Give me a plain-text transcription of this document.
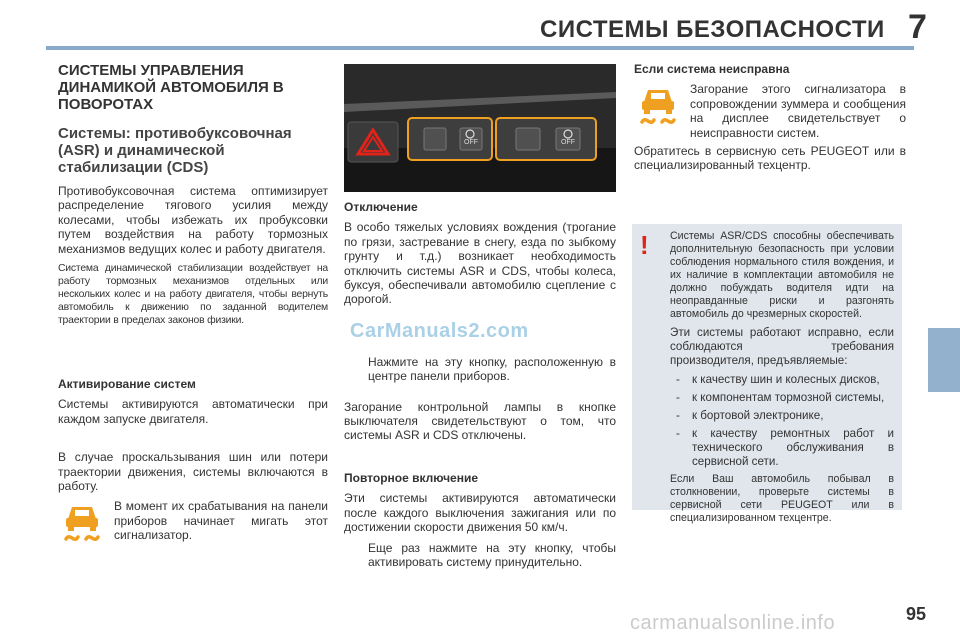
СИСТЕМЫ БЕЗОПАСНОСТИ 7
СИСТЕМЫ УПРАВЛЕНИЯ ДИНАМИКОЙ АВТОМОБИЛЯ В ПОВОРОТАХ
Системы: противобуксовочная (ASR) и динамической стабилизации (CDS)

Противобуксовочная система оптимизирует распределение тягового усилия между колесами, чтобы избежать их пробуксовки путем воздействия на работу тормозных механизмов ведущих колес и работу двигателя.

Система динамической стабилизации воздействует на работу тормозных механизмов отдельных или нескольких колес и на работу двигателя, чтобы вернуть автомобиль к движению по заданной водителем траектории в пределах законов физики.

Активирование систем

Системы активируются автоматически при каждом запуске двигателя.

В случае проскальзывания шин или потери траектории движения, системы включаются в работу.

В момент их срабатывания на панели приборов начинает мигать этот сигнализатор.
OFF	OFF
Отключение

В особо тяжелых условиях вождения (трогание по грязи, застревание в снегу, езда по зыбкому грунту и т.д.) возникает необходимость отключить системы ASR и CDS, чтобы колеса, буксуя, обеспечивали автомобилю сцепление с дорогой.

Нажмите на эту кнопку, расположенную в центре панели приборов.

Загорание контрольной лампы в кнопке выключателя свидетельствуют о том, что системы ASR и CDS отключены.

Повторное включение

Эти системы активируются автоматически после каждого выключения зажигания или по достижении скорости движения 50 км/ч.

Еще раз нажмите на эту кнопку, чтобы активировать систему принудительно.
Если система неисправна
Загорание этого сигнализатора в сопровождении зуммера и сообщения на дисплее свидетельствует о неисправности систем.

Обратитесь в сервисную сеть PEUGEOT или в специализированный техцентр.

! Системы ASR/CDS способны обеспечивать дополнительную безопасность при условии соблюдения нормального стиля вождения, и их наличие в комплектации автомобиля не должно побуждать водителя идти на неоправданные риски и разгонять автомобиль до чрезмерных скоростей.

Эти системы работают исправно, если соблюдаются требования производителя, предъявляемые:

-	к качеству шин и колесных дисков,
-	к компонентам тормозной системы,
-	к бортовой электронике,
-	к качеству ремонтных работ и технического обслуживания в сервисной сети.

Если Ваш автомобиль побывал в столкновении, проверьте системы в сервисной сети PEUGEOT или в специализированном техцентре.

CarManuals2.com
carmanualsonline.info	95
